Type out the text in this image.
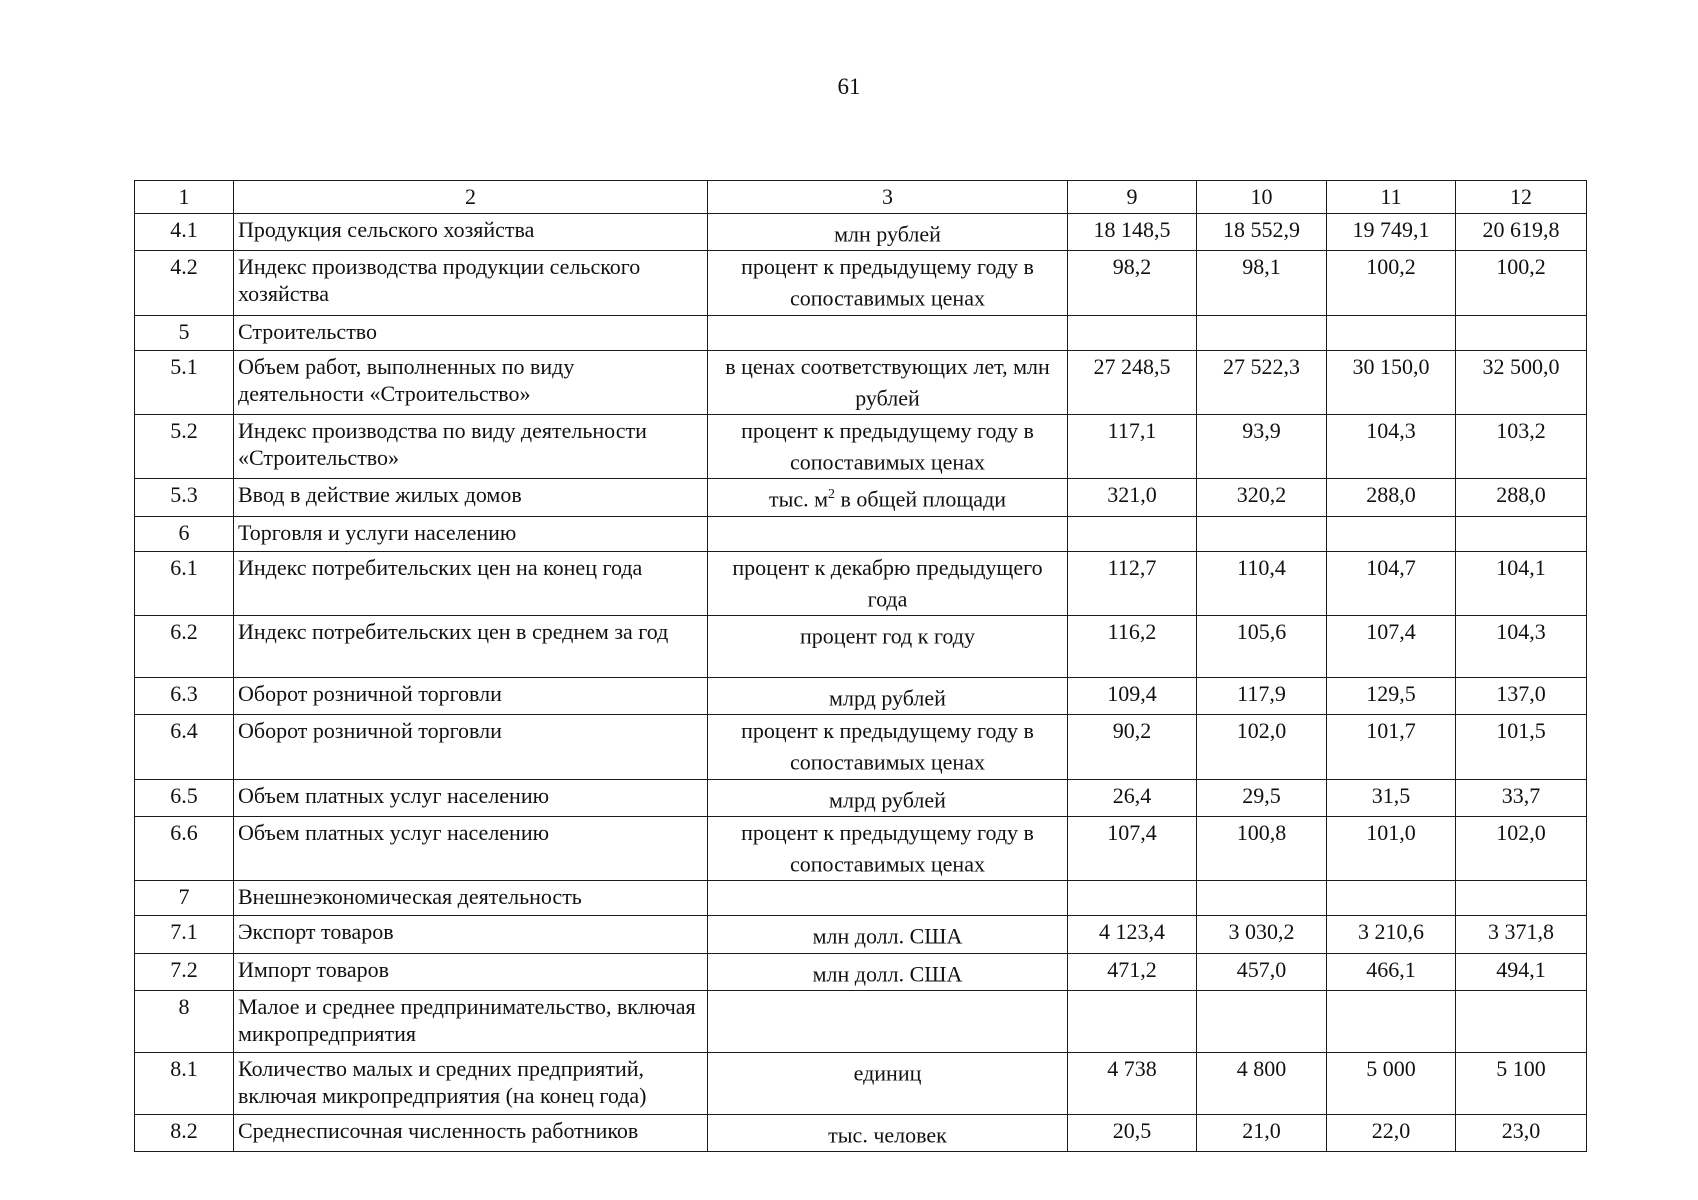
61
1	2	3	9	10	11	12
4.1	Продукция сельского хозяйства	млн рублей	18 148,5	18 552,9	19 749,1	20 619,8
4.2	Индекс производства продукции сельского хозяйства	процент к предыдущему году в сопоставимых ценах	98,2	98,1	100,2	100,2
5	Строительство					
5.1	Объем работ, выполненных по виду деятельности «Строительство»	в ценах соответствующих лет, млн рублей	27 248,5	27 522,3	30 150,0	32 500,0
5.2	Индекс производства по виду деятельности «Строительство»	процент к предыдущему году в сопоставимых ценах	117,1	93,9	104,3	103,2
5.3	Ввод в действие жилых домов	тыс. $м^2$ в общей площади	321,0	320,2	288,0	288,0
6	Торговля и услуги населению					
6.1	Индекс потребительских цен на конец года	процент к декабрю предыдущего года	112,7	110,4	104,7	104,1
6.2	Индекс потребительских цен в среднем за год	процент год к году	116,2	105,6	107,4	104,3
6.3	Оборот розничной торговли	млрд рублей	109,4	117,9	129,5	137,0
6.4	Оборот розничной торговли	процент к предыдущему году в сопоставимых ценах	90,2	102,0	101,7	101,5
6.5	Объем платных услуг населению	млрд рублей	26,4	29,5	31,5	33,7
6.6	Объем платных услуг населению	процент к предыдущему году в сопоставимых ценах	107,4	100,8	101,0	102,0
7	Внешнеэкономическая деятельность					
7.1	Экспорт товаров	млн долл. США	4 123,4	3 030,2	3 210,6	3 371,8
7.2	Импорт товаров	млн долл. США	471,2	457,0	466,1	494,1
8	Малое и среднее предпринимательство, включая микропредприятия					
8.1	Количество малых и средних предприятий, включая микропредприятия (на конец года)	единиц	4 738	4 800	5 000	5 100
8.2	Среднесписочная численность работников	тыс. человек	20,5	21,0	22,0	23,0
